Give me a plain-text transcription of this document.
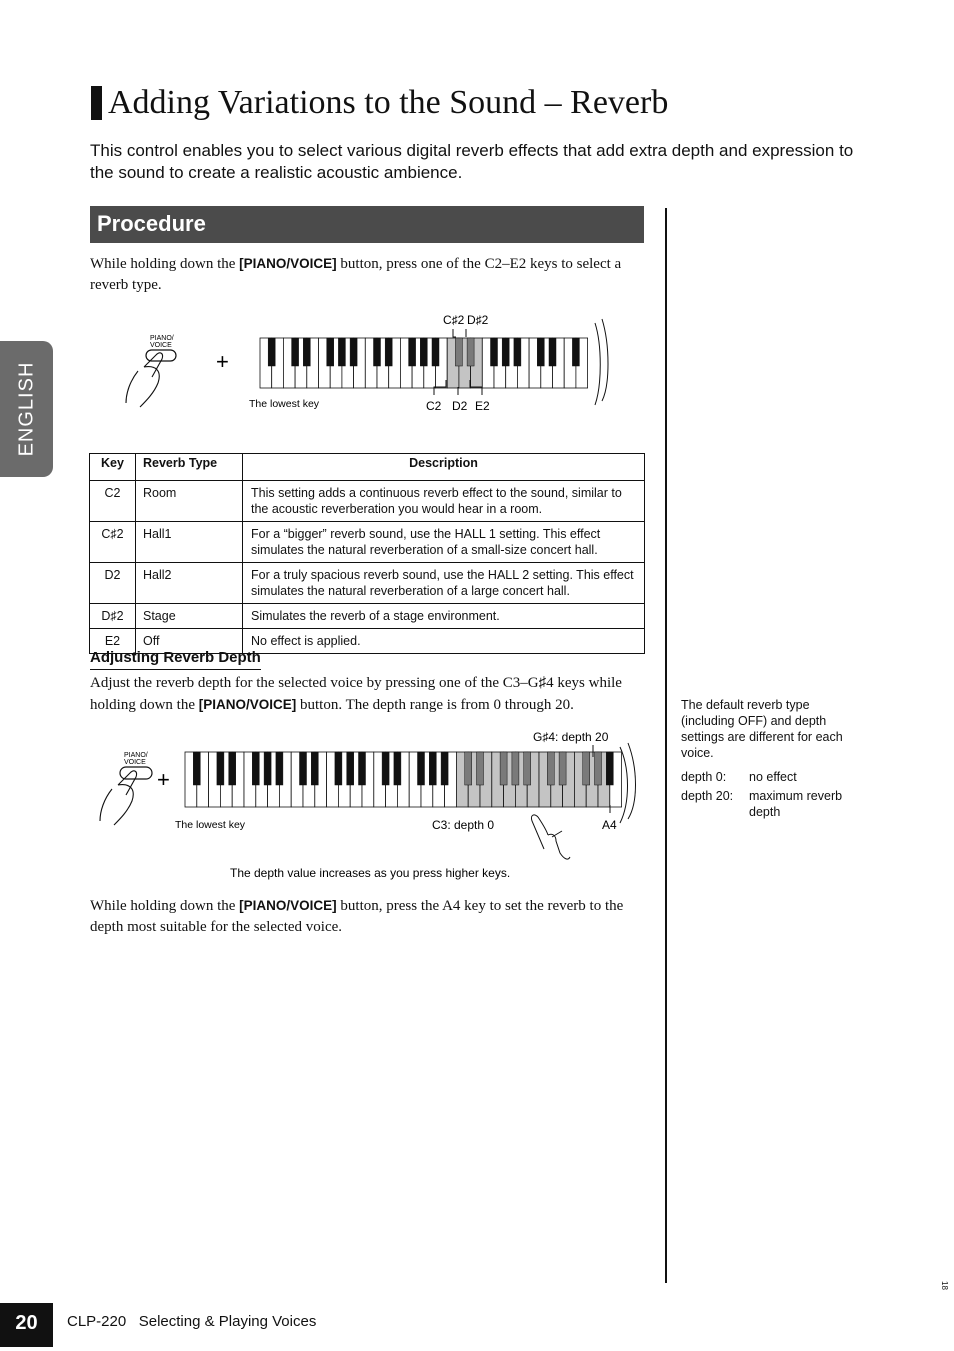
ENGLISH
Adding Variations to the Sound – Reverb
This control enables you to select various digital reverb effects that add extra depth and expression to the sound to create a realistic acoustic ambience.
Procedure
While holding down the [PIANO/VOICE] button, press one of the C2–E2 keys to select a reverb type.
PIANO/
VOICE
+
The lowest key	C2 D2 E2
C♯2 D♯2
Key	Reverb Type	Description
C2	Room	This setting adds a continuous reverb effect to the sound, similar to the acoustic reverberation you would hear in a room.
C♯2	Hall1	For a “bigger” reverb sound, use the HALL 1 setting. This effect simulates the natural reverberation of a small-size concert hall.
D2	Hall2	For a truly spacious reverb sound, use the HALL 2 setting. This effect simulates the natural reverberation of a large concert hall.
D♯2	Stage	Simulates the reverb of a stage environment.
E2	Off	No effect is applied.
Adjusting Reverb Depth
Adjust the reverb depth for the selected voice by pressing one of the C3–G♯4 keys while holding down the [PIANO/VOICE] button. The depth range is from 0 through 20.
PIANO/
VOICE
+
The lowest key
G♯4: depth 20
C3: depth 0	A4
The depth value increases as you press higher keys.
While holding down the [PIANO/VOICE] button, press the A4 key to set the reverb to the depth most suitable for the selected voice.
The default reverb type (including OFF) and depth settings are different for each voice.
depth 0:	no effect
depth 20:	maximum reverb depth
20	CLP-220 Selecting & Playing Voices
18
